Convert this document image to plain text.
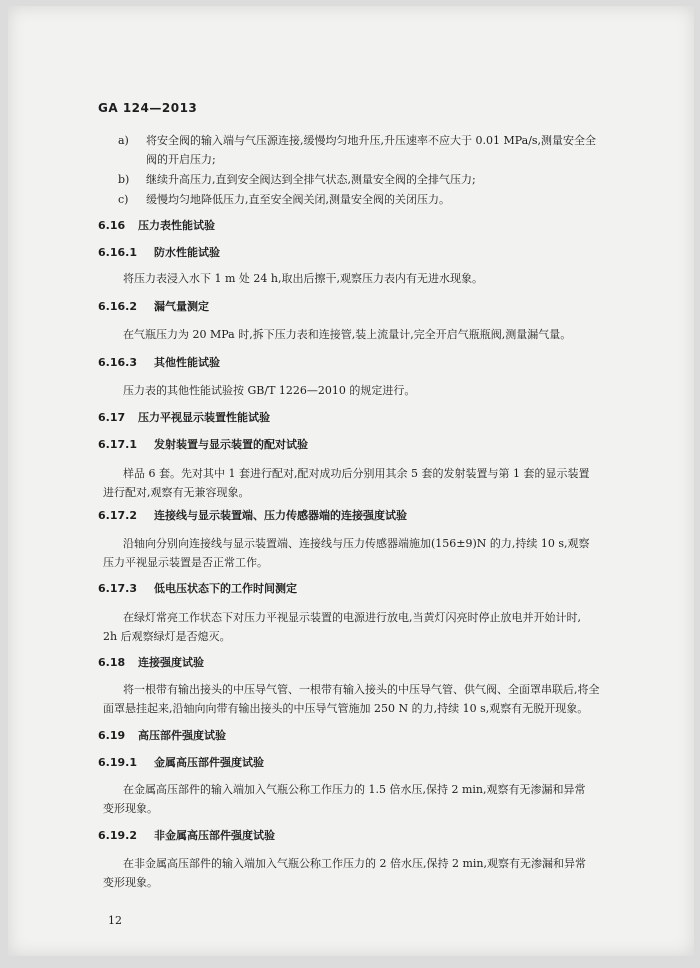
GA 124—2013
a) 将安全阀的输入端与气压源连接,缓慢均匀地升压,升压速率不应大于 0.01 MPa/s,测量安全全
阀的开启压力;
b) 继续升高压力,直到安全阀达到全排气状态,测量安全阀的全排气压力;
c) 缓慢均匀地降低压力,直至安全阀关闭,测量安全阀的关闭压力。
6.16 压力表性能试验
6.16.1 防水性能试验
将压力表浸入水下 1 m 处 24 h,取出后擦干,观察压力表内有无进水现象。
6.16.2 漏气量测定
在气瓶压力为 20 MPa 时,拆下压力表和连接管,装上流量计,完全开启气瓶瓶阀,测量漏气量。
6.16.3 其他性能试验
压力表的其他性能试验按 GB/T 1226—2010 的规定进行。
6.17 压力平视显示装置性能试验
6.17.1 发射装置与显示装置的配对试验
样品 6 套。先对其中 1 套进行配对,配对成功后分别用其余 5 套的发射装置与第 1 套的显示装置
进行配对,观察有无兼容现象。
6.17.2 连接线与显示装置端、压力传感器端的连接强度试验
沿轴向分别向连接线与显示装置端、连接线与压力传感器端施加(156±9)N 的力,持续 10 s,观察
压力平视显示装置是否正常工作。
6.17.3 低电压状态下的工作时间测定
在绿灯常亮工作状态下对压力平视显示装置的电源进行放电,当黄灯闪亮时停止放电并开始计时,
2h 后观察绿灯是否熄灭。
6.18 连接强度试验
将一根带有输出接头的中压导气管、一根带有输入接头的中压导气管、供气阀、全面罩串联后,将全
面罩悬挂起来,沿轴向向带有输出接头的中压导气管施加 250 N 的力,持续 10 s,观察有无脱开现象。
6.19 高压部件强度试验
6.19.1 金属高压部件强度试验
在金属高压部件的输入端加入气瓶公称工作压力的 1.5 倍水压,保持 2 min,观察有无渗漏和异常
变形现象。
6.19.2 非金属高压部件强度试验
在非金属高压部件的输入端加入气瓶公称工作压力的 2 倍水压,保持 2 min,观察有无渗漏和异常
变形现象。
12
